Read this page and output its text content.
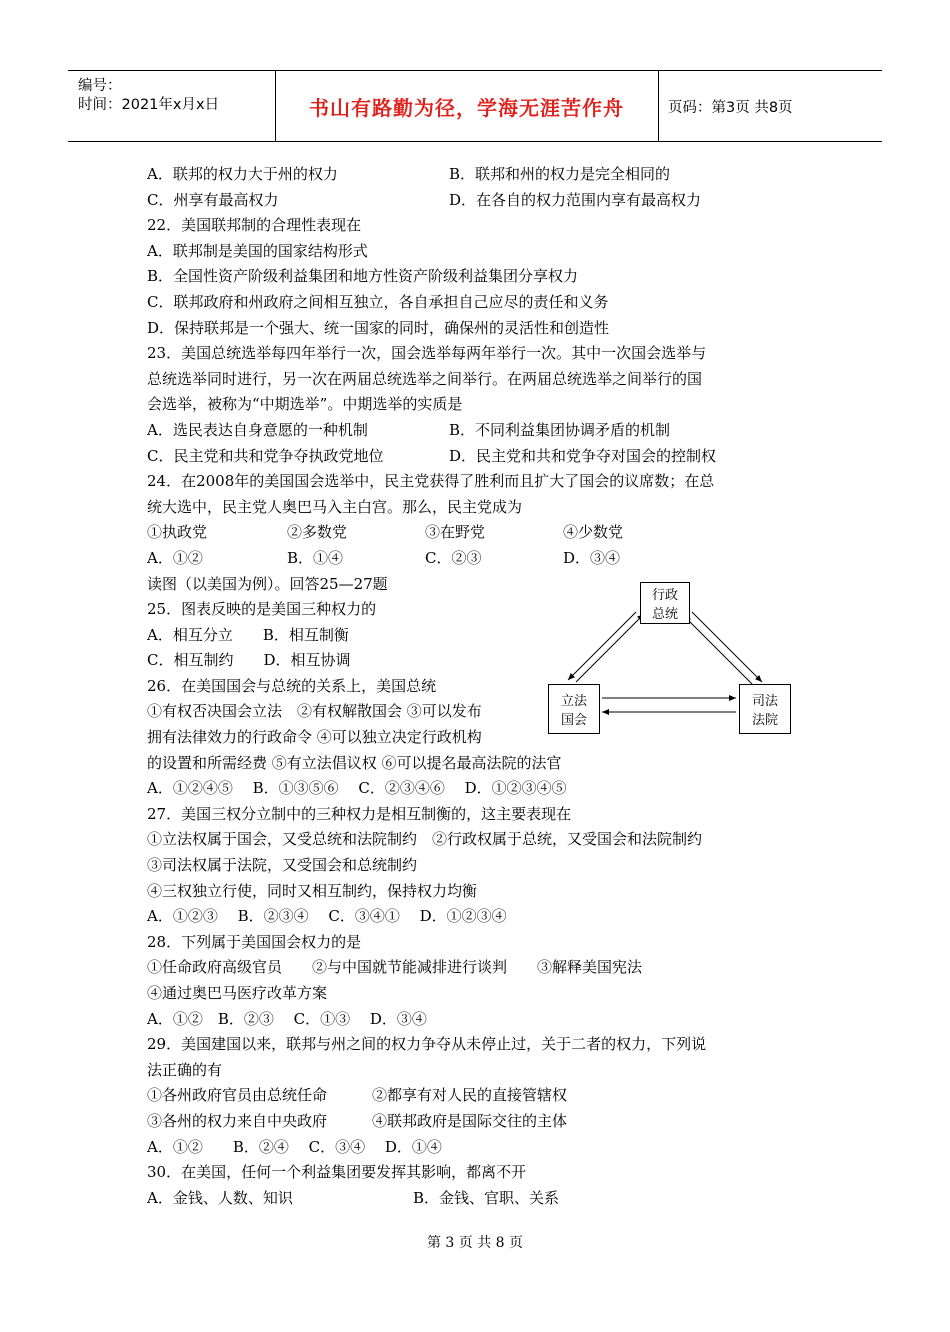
编号：
时间：2021年x月x日	书山有路勤为径，学海无涯苦作舟	页码：第3页 共8页
A．联邦的权力大于州的权力	B．联邦和州的权力是完全相同的
C．州享有最高权力	D．在各自的权力范围内享有最高权力
22．美国联邦制的合理性表现在
A．联邦制是美国的国家结构形式
B．全国性资产阶级利益集团和地方性资产阶级利益集团分享权力
C．联邦政府和州政府之间相互独立，各自承担自己应尽的责任和义务
D．保持联邦是一个强大、统一国家的同时，确保州的灵活性和创造性
23．美国总统选举每四年举行一次，国会选举每两年举行一次。其中一次国会选举与
总统选举同时进行，另一次在两届总统选举之间举行。在两届总统选举之间举行的国
会选举，被称为“中期选举”。中期选举的实质是
A．选民表达自身意愿的一种机制	B．不同利益集团协调矛盾的机制
C．民主党和共和党争夺执政党地位	D．民主党和共和党争夺对国会的控制权
24．在2008年的美国国会选举中，民主党获得了胜利而且扩大了国会的议席数；在总
统大选中，民主党人奥巴马入主白宫。那么，民主党成为
①执政党	②多数党	③在野党	④少数党
A．①②	B．①④	C．②③	D．③④
读图（以美国为例）。回答25—27题
25．图表反映的是美国三种权力的
A．相互分立　　B．相互制衡
C．相互制约　　D．相互协调
26．在美国国会与总统的关系上，美国总统
①有权否决国会立法　②有权解散国会 ③可以发布
拥有法律效力的行政命令 ④可以独立决定行政机构
的设置和所需经费 ⑤有立法倡议权 ⑥可以提名最高法院的法官
A．①②④⑤　 B．①③⑤⑥　 C．②③④⑥　 D．①②③④⑤
27．美国三权分立制中的三种权力是相互制衡的，这主要表现在
①立法权属于国会，又受总统和法院制约　②行政权属于总统，又受国会和法院制约
③司法权属于法院，又受国会和总统制约
④三权独立行使，同时又相互制约，保持权力均衡
A．①②③　 B．②③④　 C．③④①　 D．①②③④
28．下列属于美国国会权力的是
①任命政府高级官员　　②与中国就节能减排进行谈判　　③解释美国宪法
④通过奥巴马医疗改革方案
A．①②　B．②③　 C．①③　 D．③④
29．美国建国以来，联邦与州之间的权力争夺从未停止过，关于二者的权力，下列说
法正确的有
①各州政府官员由总统任命　　　②都享有对人民的直接管辖权
③各州的权力来自中央政府　　　④联邦政府是国际交往的主体
A．①②　　B．②④　 C．③④　 D．①④
30．在美国，任何一个利益集团要发挥其影响，都离不开
A．金钱、人数、知识	B．金钱、官职、关系
行政
总统
立法
国会
司法
法院
第 3 页 共 8 页
